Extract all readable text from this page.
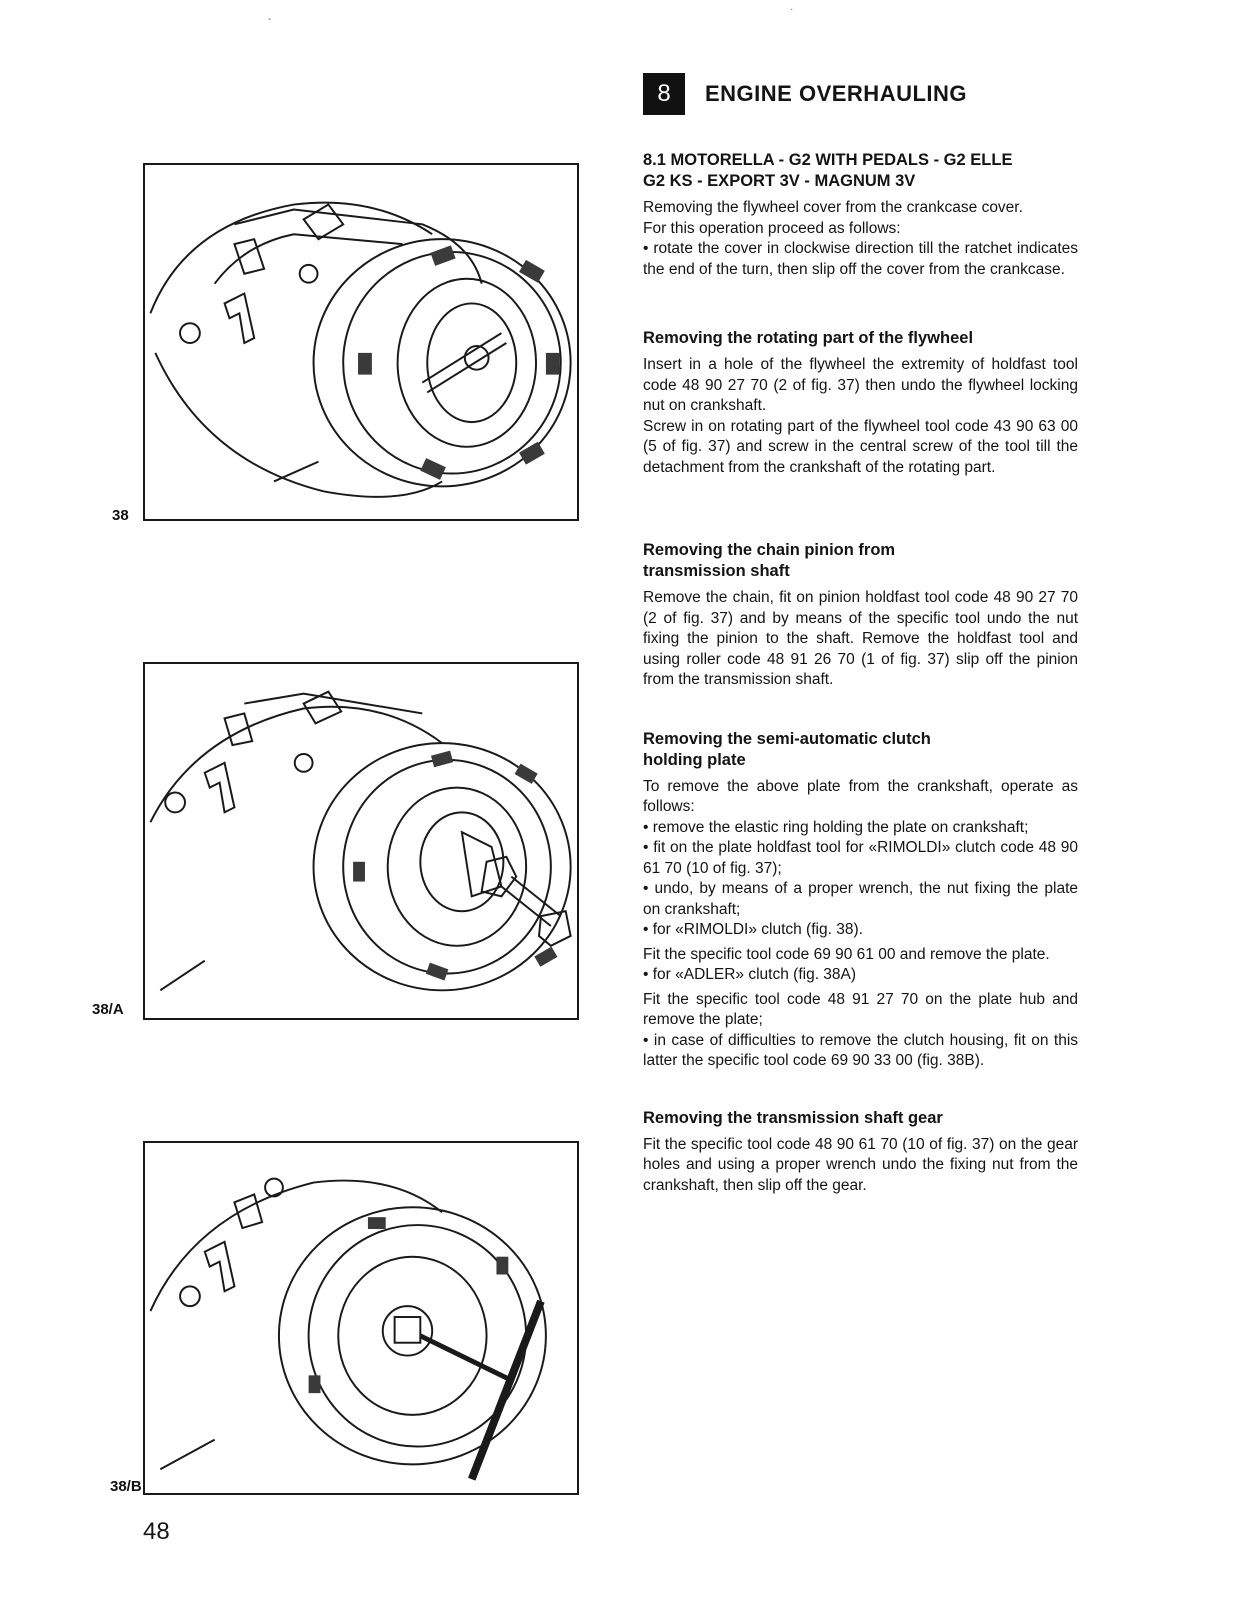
-
·
8	ENGINE OVERHAULING
38
38/A
38/B
8.1 MOTORELLA - G2 WITH PEDALS - G2 ELLE
G2 KS - EXPORT 3V - MAGNUM 3V

Removing the flywheel cover from the crankcase cover.

For this operation proceed as follows:

• rotate the cover in clockwise direction till the ratchet indicates the end of the turn, then slip off the cover from the crankcase.

Removing the rotating part of the flywheel

Insert in a hole of the flywheel the extremity of holdfast tool code 48 90 27 70 (2 of fig. 37) then undo the flywheel locking nut on crankshaft.

Screw in on rotating part of the flywheel tool code 43 90 63 00 (5 of fig. 37) and screw in the central screw of the tool till the detachment from the crankshaft of the rotating part.

Removing the chain pinion from
transmission shaft

Remove the chain, fit on pinion holdfast tool code 48 90 27 70 (2 of fig. 37) and by means of the specific tool undo the nut fixing the pinion to the shaft. Remove the holdfast tool and using roller code 48 91 26 70 (1 of fig. 37) slip off the pinion from the transmission shaft.

Removing the semi-automatic clutch
holding plate

To remove the above plate from the crankshaft, operate as follows:

• remove the elastic ring holding the plate on crankshaft;

• fit on the plate holdfast tool for «RIMOLDI» clutch code 48 90 61 70 (10 of fig. 37);

• undo, by means of a proper wrench, the nut fixing the plate on crankshaft;

• for «RIMOLDI» clutch (fig. 38).

Fit the specific tool code 69 90 61 00 and remove the plate.

• for «ADLER» clutch (fig. 38A)

Fit the specific tool code 48 91 27 70 on the plate hub and remove the plate;

• in case of difficulties to remove the clutch housing, fit on this latter the specific tool code 69 90 33 00 (fig. 38B).

Removing the transmission shaft gear

Fit the specific tool code 48 90 61 70 (10 of fig. 37) on the gear holes and using a proper wrench undo the fixing nut from the crankshaft, then slip off the gear.

48
